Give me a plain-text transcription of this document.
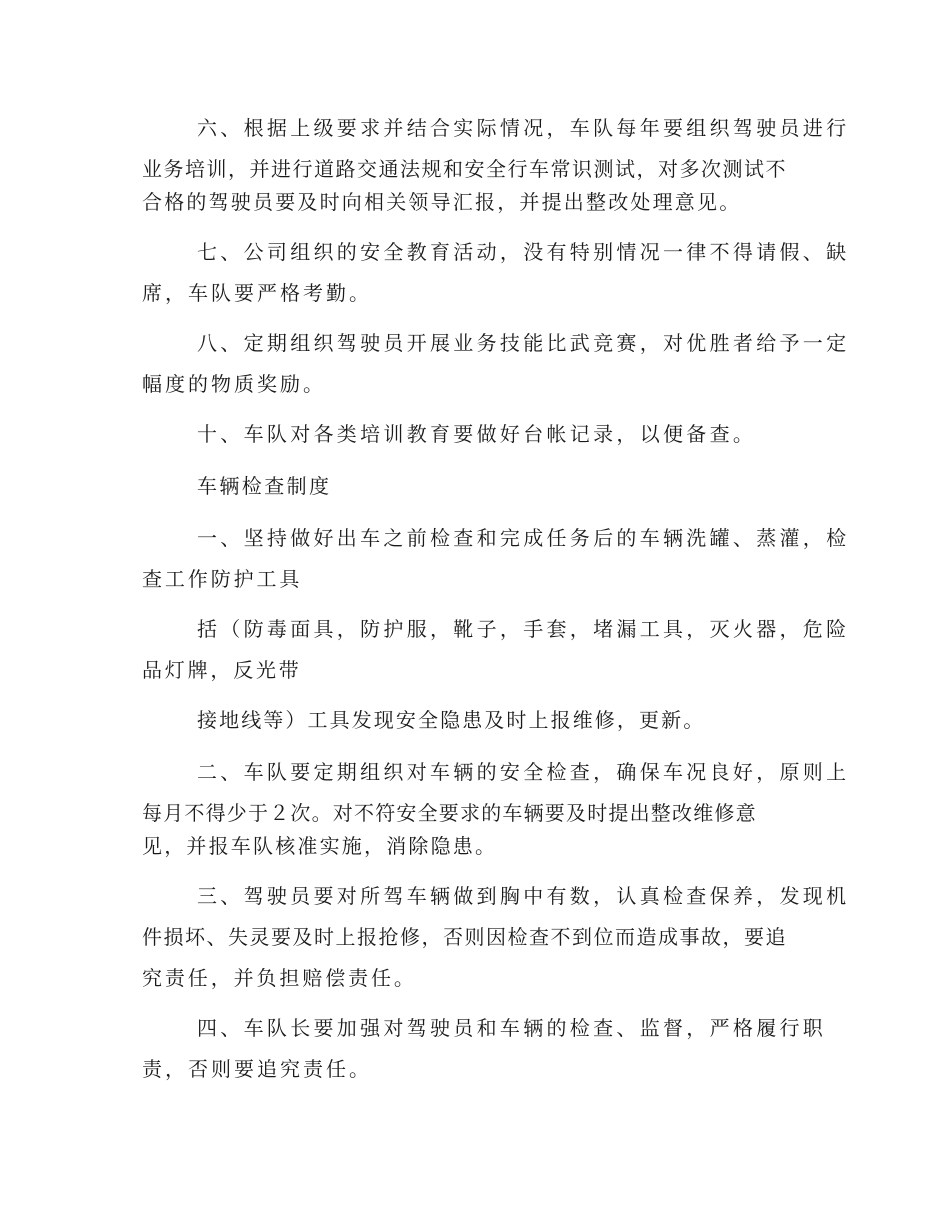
六、根据上级要求并结合实际情况，车队每年要组织驾驶员进行
业务培训，并进行道路交通法规和安全行车常识测试，对多次测试不
合格的驾驶员要及时向相关领导汇报，并提出整改处理意见。
七、公司组织的安全教育活动，没有特别情况一律不得请假、缺
席，车队要严格考勤。
八、定期组织驾驶员开展业务技能比武竞赛，对优胜者给予一定
幅度的物质奖励。
十、车队对各类培训教育要做好台帐记录，以便备查。
车辆检查制度
一、坚持做好出车之前检查和完成任务后的车辆洗罐、蒸灌，检
查工作防护工具
括（防毒面具，防护服，靴子，手套，堵漏工具，灭火器，危险
品灯牌，反光带
接地线等）工具发现安全隐患及时上报维修，更新。
二、车队要定期组织对车辆的安全检查，确保车况良好，原则上
每月不得少于２次。对不符安全要求的车辆要及时提出整改维修意
见，并报车队核准实施，消除隐患。
三、驾驶员要对所驾车辆做到胸中有数，认真检查保养，发现机
件损坏、失灵要及时上报抢修，否则因检查不到位而造成事故，要追
究责任，并负担赔偿责任。
四、车队长要加强对驾驶员和车辆的检查、监督，严格履行职
责，否则要追究责任。
